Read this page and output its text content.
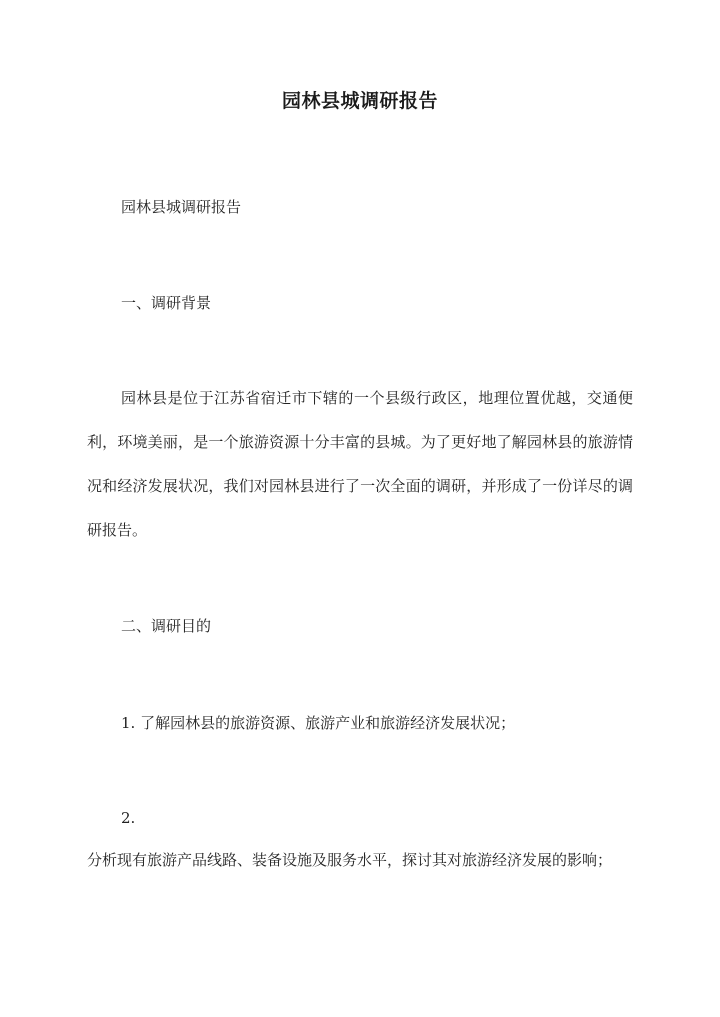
园林县城调研报告
园林县城调研报告
一、调研背景
园林县是位于江苏省宿迁市下辖的一个县级行政区，地理位置优越，交通便利，环境美丽，是一个旅游资源十分丰富的县城。为了更好地了解园林县的旅游情况和经济发展状况，我们对园林县进行了一次全面的调研，并形成了一份详尽的调研报告。
二、调研目的
1. 了解园林县的旅游资源、旅游产业和旅游经济发展状况；
2.
分析现有旅游产品线路、装备设施及服务水平，探讨其对旅游经济发展的影响；
